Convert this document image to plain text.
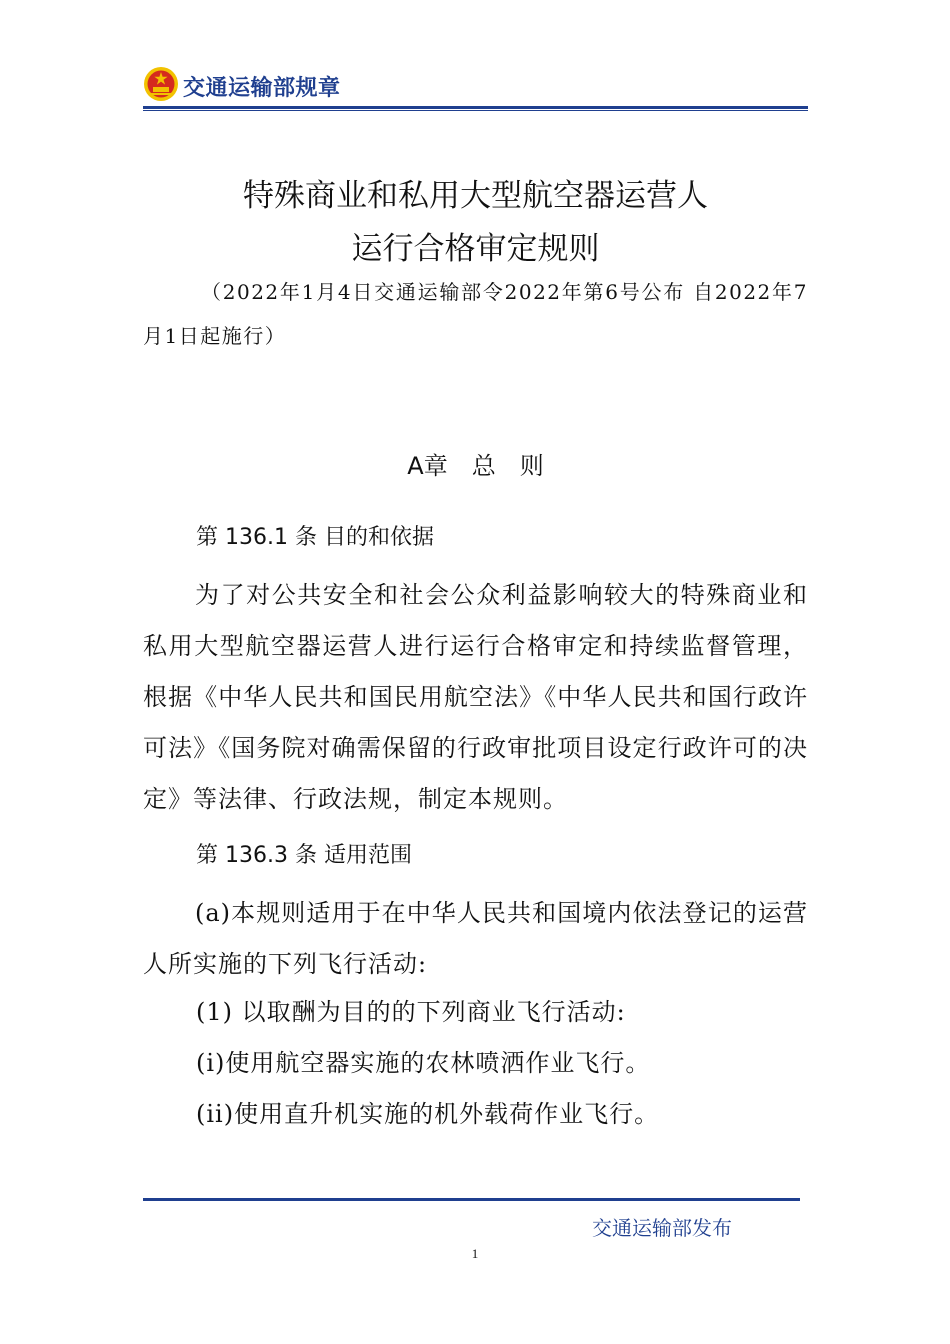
交通运输部规章
特殊商业和私用大型航空器运营人
运行合格审定规则
（2022年1月4日交通运输部令2022年第6号公布 自2022年7月1日起施行）
A章 总 则
第 136.1 条 目的和依据
为了对公共安全和社会公众利益影响较大的特殊商业和私用大型航空器运营人进行运行合格审定和持续监督管理，根据《中华人民共和国民用航空法》《中华人民共和国行政许可法》《国务院对确需保留的行政审批项目设定行政许可的决定》等法律、行政法规，制定本规则。
第 136.3 条 适用范围
(a)本规则适用于在中华人民共和国境内依法登记的运营人所实施的下列飞行活动:
(1) 以取酬为目的的下列商业飞行活动:
(i)使用航空器实施的农林喷洒作业飞行。
(ii)使用直升机实施的机外载荷作业飞行。
交通运输部发布
1
